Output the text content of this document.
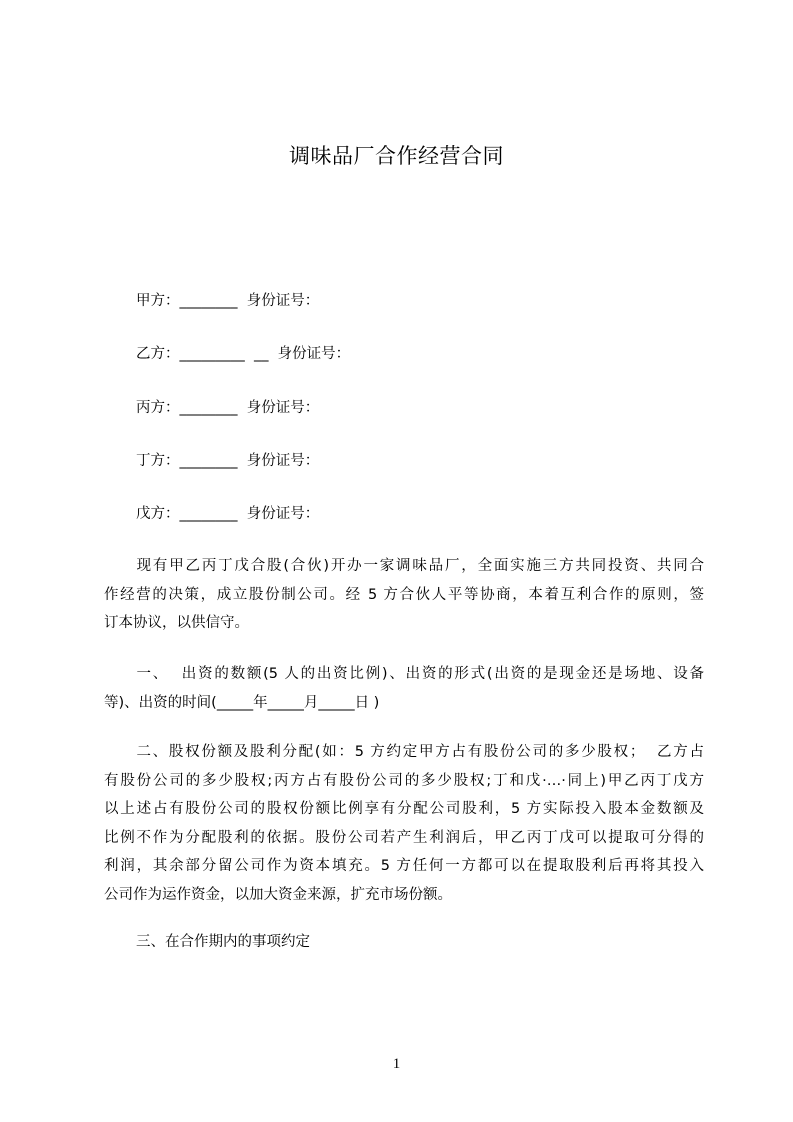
调味品厂合作经营合同
甲方：________  身份证号：
乙方：_________  __  身份证号：
丙方：________  身份证号：
丁方：________  身份证号：
戊方：________  身份证号：
　　现有甲乙丙丁戊合股(合伙)开办一家调味品厂，全面实施三方共同投资、共同合
作经营的决策，成立股份制公司。经 5 方合伙人平等协商，本着互利合作的原则，签
订本协议，以供信守。
　　一、  出资的数额(5 人的出资比例)、出资的形式(出资的是现金还是场地、设备
等)、出资的时间(_____年_____月_____日 )
　　二、股权份额及股利分配(如：5 方约定甲方占有股份公司的多少股权；  乙方占
有股份公司的多少股权;丙方占有股份公司的多少股权;丁和戊·…·同上)甲乙丙丁戊方
以上述占有股份公司的股权份额比例享有分配公司股利，5 方实际投入股本金数额及
比例不作为分配股利的依据。股份公司若产生利润后，甲乙丙丁戊可以提取可分得的
利润，其余部分留公司作为资本填充。5 方任何一方都可以在提取股利后再将其投入
公司作为运作资金，以加大资金来源，扩充市场份额。
三、在合作期内的事项约定
1
